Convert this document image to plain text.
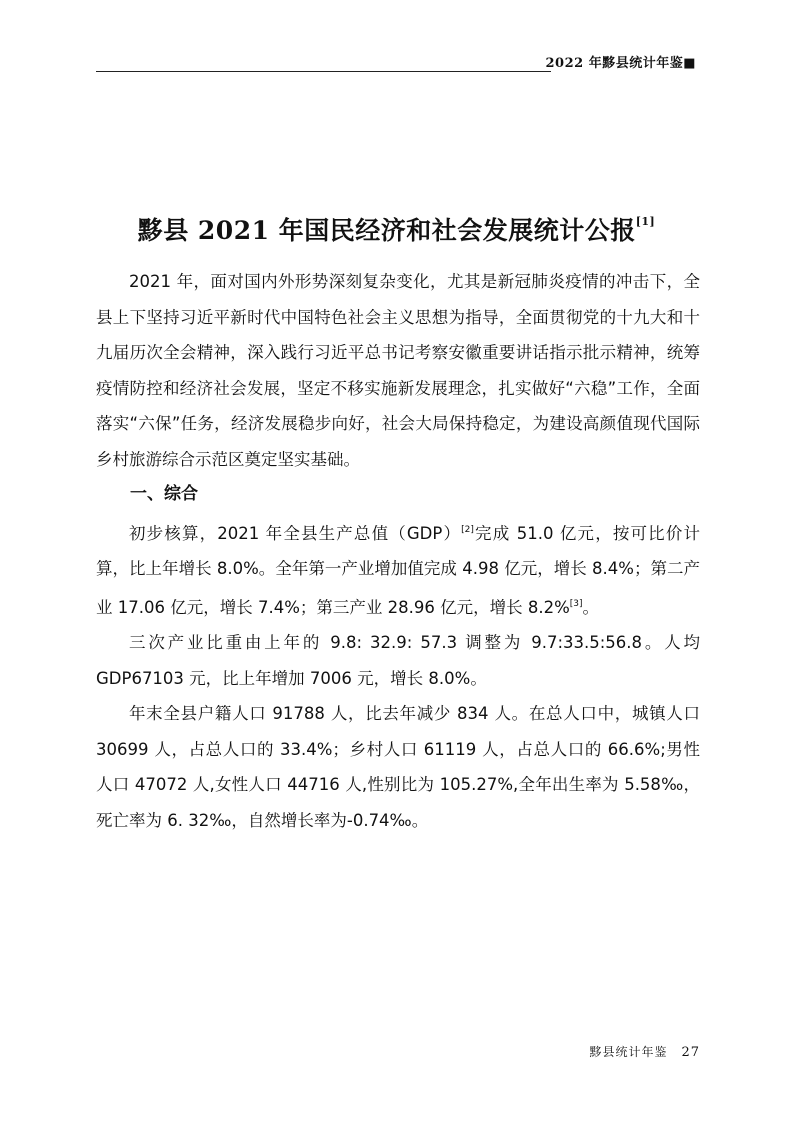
2022 年黟县统计年鉴■
黟县 2021 年国民经济和社会发展统计公报[1]

2021 年，面对国内外形势深刻复杂变化，尤其是新冠肺炎疫情的冲击下，全县上下坚持习近平新时代中国特色社会主义思想为指导，全面贯彻党的十九大和十九届历次全会精神，深入践行习近平总书记考察安徽重要讲话指示批示精神，统筹疫情防控和经济社会发展，坚定不移实施新发展理念，扎实做好“六稳”工作，全面落实“六保”任务，经济发展稳步向好，社会大局保持稳定，为建设高颜值现代国际乡村旅游综合示范区奠定坚实基础。

一、综合

初步核算，2021 年全县生产总值（GDP）[2]完成 51.0 亿元，按可比价计算，比上年增长 8.0%。全年第一产业增加值完成 4.98 亿元，增长 8.4%；第二产业 17.06 亿元，增长 7.4%；第三产业 28.96 亿元，增长 8.2%[3]。

三次产业比重由上年的 9.8: 32.9: 57.3 调整为 9.7:33.5:56.8。人均 GDP67103 元，比上年增加 7006 元，增长 8.0%。

年末全县户籍人口 91788 人，比去年减少 834 人。在总人口中，城镇人口 30699 人，占总人口的 33.4%；乡村人口 61119 人，占总人口的 66.6%;男性人口 47072 人,女性人口 44716 人,性别比为 105.27%,全年出生率为 5.58‰，死亡率为 6. 32‰，自然增长率为-0.74‰。

黟县统计年鉴 27
